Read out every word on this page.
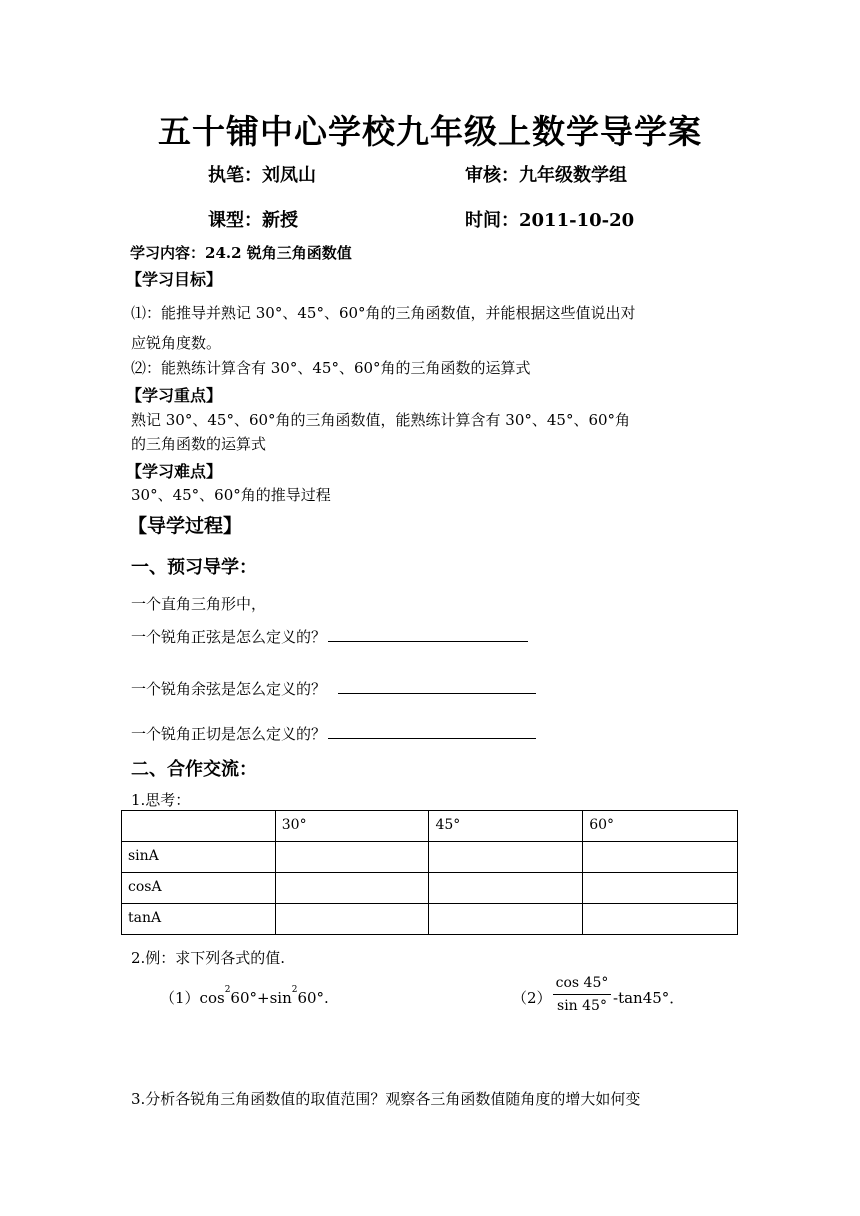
五十铺中心学校九年级上数学导学案
执笔：刘凤山	审核：九年级数学组
课型：新授	时间：2011-10-20
学习内容：24.2 锐角三角函数值
【学习目标】
⑴：能推导并熟记 30°、45°、60°角的三角函数值，并能根据这些值说出对
应锐角度数。
⑵：能熟练计算含有 30°、45°、60°角的三角函数的运算式
【学习重点】
熟记 30°、45°、60°角的三角函数值，能熟练计算含有 30°、45°、60°角
的三角函数的运算式
【学习难点】
30°、45°、60°角的推导过程
【导学过程】
一、预习导学：
一个直角三角形中，
一个锐角正弦是怎么定义的？
一个锐角余弦是怎么定义的？
一个锐角正切是怎么定义的？
二、合作交流：
1.思考：
	30°	45°	60°
sinA			
cosA			
tanA			
2.例：求下列各式的值.
$(1)\cos^260^\circ+\sin^260^\circ$.	（2）
cos 45°
sin 45° -tan45°．
3.分析各锐角三角函数值的取值范围？观察各三角函数值随角度的增大如何变
